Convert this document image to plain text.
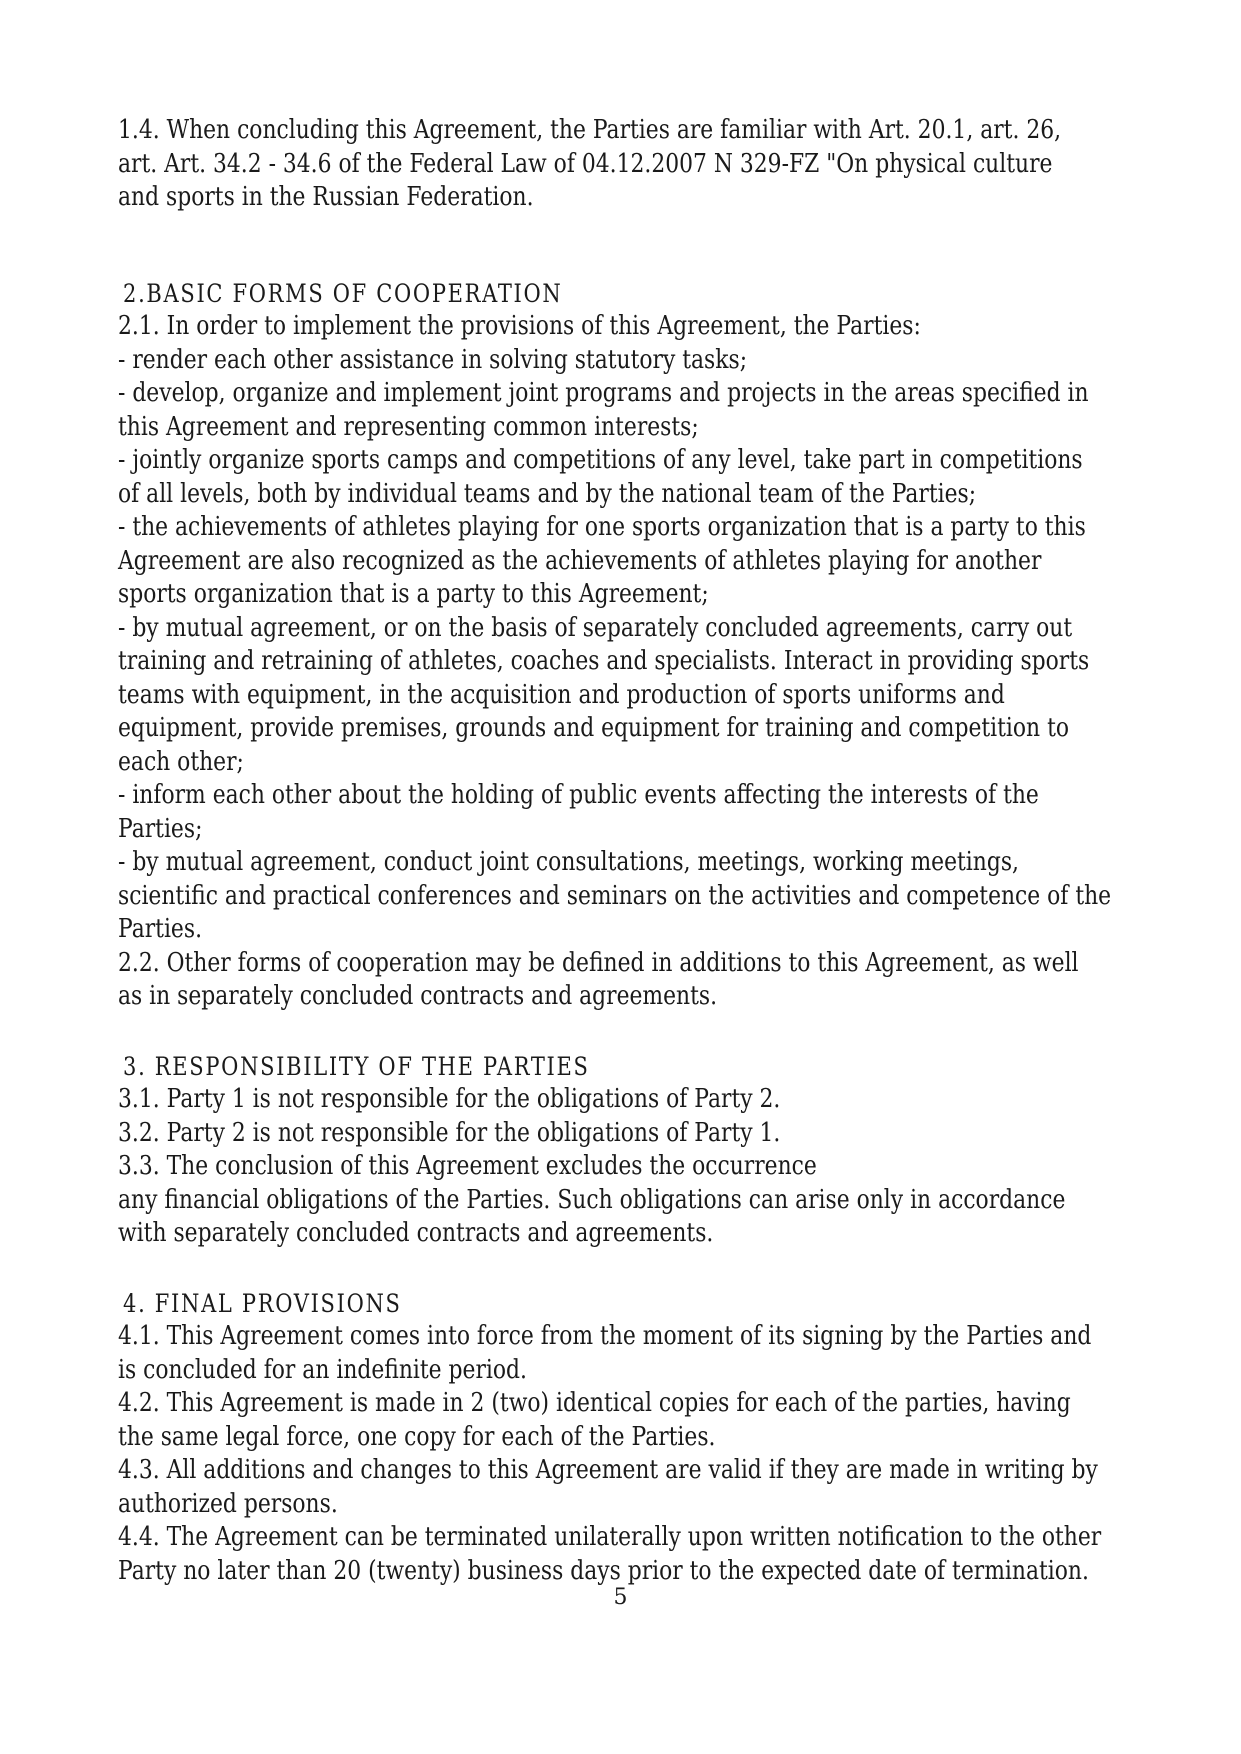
1.4. When concluding this Agreement, the Parties are familiar with Art. 20.1, art. 26,

art. Art. 34.2 - 34.6 of the Federal Law of 04.12.2007 N 329-FZ "On physical culture

and sports in the Russian Federation.

2.BASIC FORMS OF COOPERATION

2.1. In order to implement the provisions of this Agreement, the Parties:

- render each other assistance in solving statutory tasks;

- develop, organize and implement joint programs and projects in the areas specified in

this Agreement and representing common interests;

- jointly organize sports camps and competitions of any level, take part in competitions

of all levels, both by individual teams and by the national team of the Parties;

- the achievements of athletes playing for one sports organization that is a party to this

Agreement are also recognized as the achievements of athletes playing for another

sports organization that is a party to this Agreement;

- by mutual agreement, or on the basis of separately concluded agreements, carry out

training and retraining of athletes, coaches and specialists. Interact in providing sports

teams with equipment, in the acquisition and production of sports uniforms and

equipment, provide premises, grounds and equipment for training and competition to

each other;

- inform each other about the holding of public events affecting the interests of the

Parties;

- by mutual agreement, conduct joint consultations, meetings, working meetings,

scientific and practical conferences and seminars on the activities and competence of the

Parties.

2.2. Other forms of cooperation may be defined in additions to this Agreement, as well

as in separately concluded contracts and agreements.

3. RESPONSIBILITY OF THE PARTIES

3.1. Party 1 is not responsible for the obligations of Party 2.

3.2. Party 2 is not responsible for the obligations of Party 1.

3.3. The conclusion of this Agreement excludes the occurrence

any financial obligations of the Parties. Such obligations can arise only in accordance

with separately concluded contracts and agreements.

4. FINAL PROVISIONS

4.1. This Agreement comes into force from the moment of its signing by the Parties and

is concluded for an indefinite period.

4.2. This Agreement is made in 2 (two) identical copies for each of the parties, having

the same legal force, one copy for each of the Parties.

4.3. All additions and changes to this Agreement are valid if they are made in writing by

authorized persons.

4.4. The Agreement can be terminated unilaterally upon written notification to the other

Party no later than 20 (twenty) business days prior to the expected date of termination.

5
